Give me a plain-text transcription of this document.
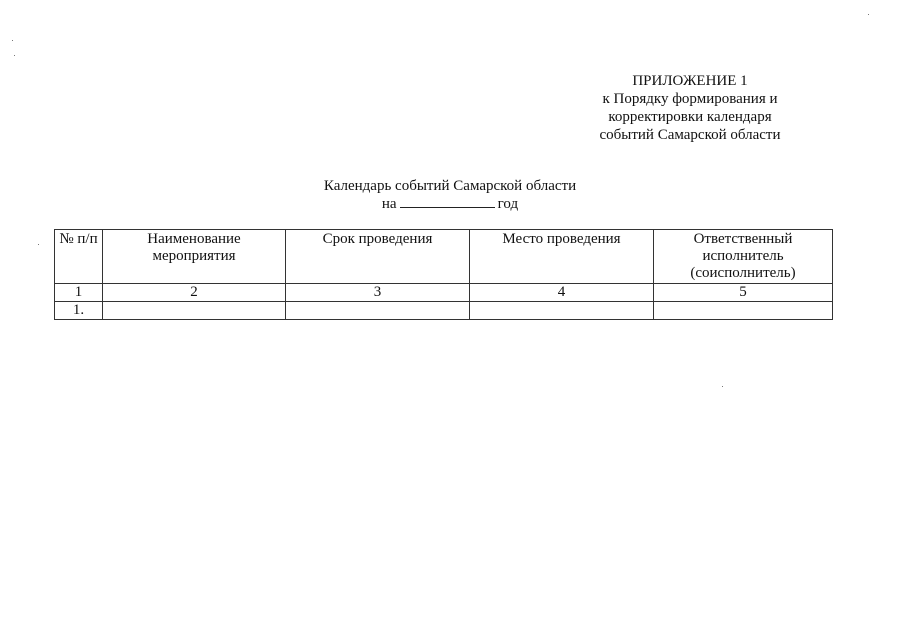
ПРИЛОЖЕНИЕ 1
к Порядку формирования и
корректировки календаря
событий Самарской области
Календарь событий Самарской области
на	год
№ п/п	Наименование мероприятия	Срок проведения	Место проведения	Ответственный исполнитель (соисполнитель)
1	2	3	4	5
1.				
